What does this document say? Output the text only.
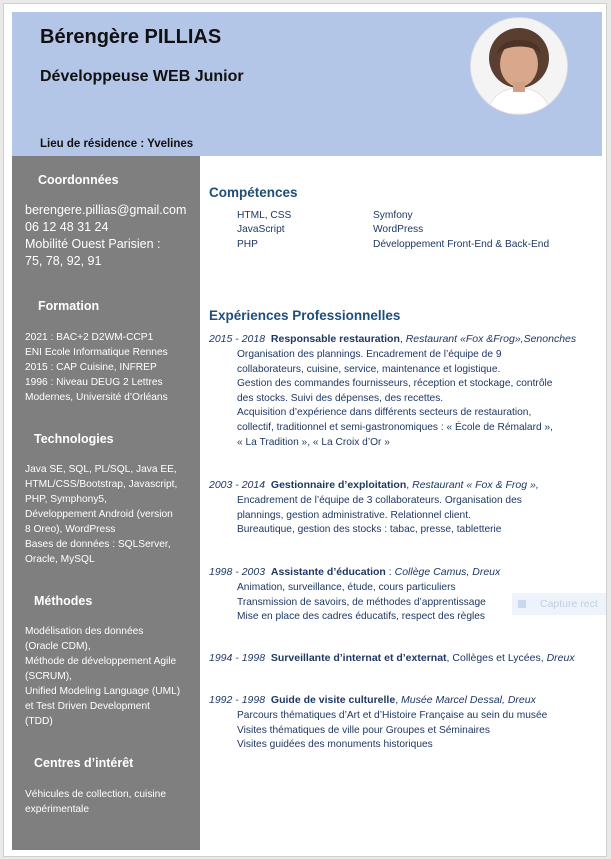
Bérengère PILLIAS
Développeuse WEB Junior
Lieu de résidence : Yvelines
Coordonnées
berengere.pillias@gmail.com
06 12 48 31 24
Mobilité Ouest Parisien :
75, 78, 92, 91
Formation
2021 : BAC+2 D2WM-CCP1
ENI Ecole Informatique Rennes
2015 : CAP Cuisine, INFREP
1996 : Niveau DEUG 2 Lettres
Modernes, Université d’Orléans
Technologies
Java SE, SQL, PL/SQL, Java EE,
HTML/CSS/Bootstrap, Javascript,
PHP, Symphony5,
Développement Android (version
8 Oreo), WordPress
Bases de données : SQLServer,
Oracle, MySQL
Méthodes
Modélisation des données
(Oracle CDM),
Méthode de développement Agile
(SCRUM),
Unified Modeling Language (UML)
et Test Driven Development
(TDD)
Centres d’intérêt
Véhicules de collection, cuisine
expérimentale
Compétences
HTML, CSS
JavaScript
PHP
Symfony
WordPress
Développement Front-End & Back-End
Expériences Professionnelles
2015 - 2018 Responsable restauration, Restaurant «Fox &Frog»,Senonches
Organisation des plannings. Encadrement de l’équipe de 9
collaborateurs, cuisine, service, maintenance et logistique.
Gestion des commandes fournisseurs, réception et stockage, contrôle
des stocks. Suivi des dépenses, des recettes.
Acquisition d’expérience dans différents secteurs de restauration,
collectif, traditionnel et semi-gastronomiques : « École de Rémalard »,
« La Tradition », « La Croix d’Or »
2003 - 2014 Gestionnaire d’exploitation, Restaurant « Fox & Frog »,
Encadrement de l’équipe de 3 collaborateurs. Organisation des
plannings, gestion administrative. Relationnel client.
Bureautique, gestion des stocks : tabac, presse, tabletterie
1998 - 2003 Assistante d’éducation : Collège Camus, Dreux
Animation, surveillance, étude, cours particuliers
Transmission de savoirs, de méthodes d’apprentissage
Mise en place des cadres éducatifs, respect des règles
1994 - 1998 Surveillante d’internat et d’externat, Collèges et Lycées, Dreux
1992 - 1998 Guide de visite culturelle, Musée Marcel Dessal, Dreux
Parcours thématiques d’Art et d’Histoire Française au sein du musée
Visites thématiques de ville pour Groupes et Séminaires
Visites guidées des monuments historiques
Capture rect
